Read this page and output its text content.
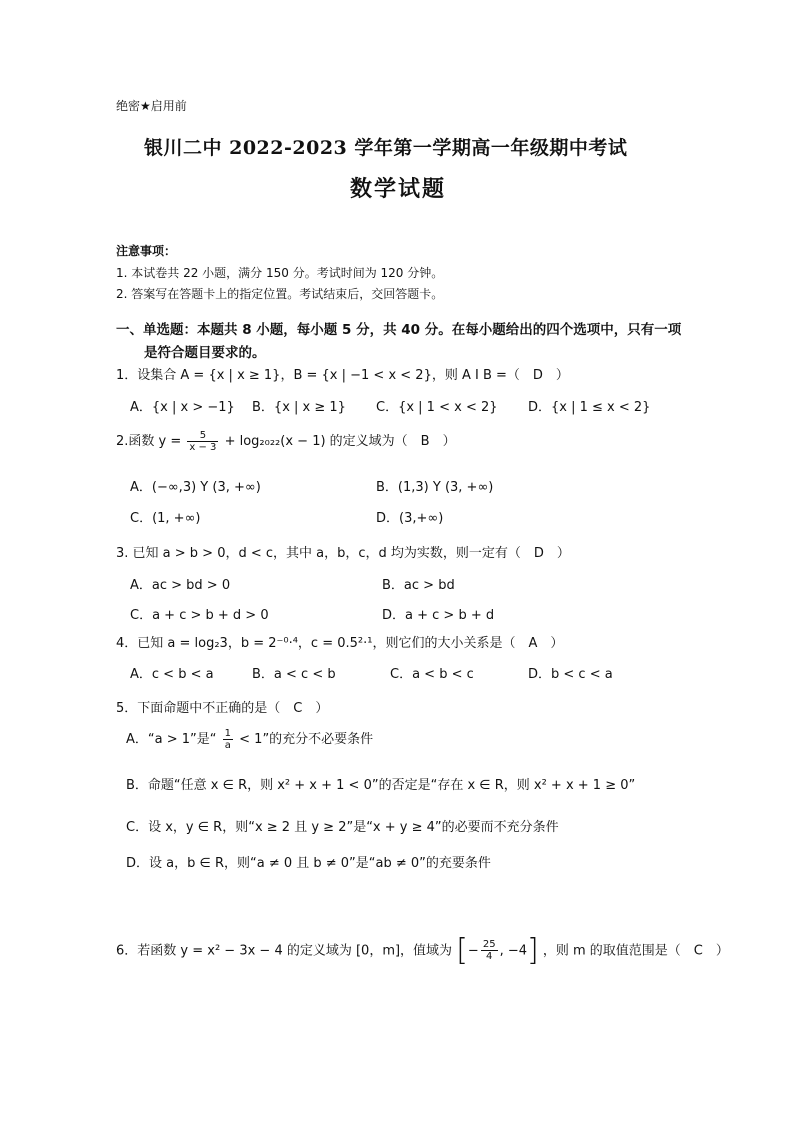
绝密★启用前
银川二中 2022-2023 学年第一学期高一年级期中考试
数学试题
注意事项：
1. 本试卷共 22 小题，满分 150 分。考试时间为 120 分钟。
2. 答案写在答题卡上的指定位置。考试结束后，交回答题卡。
一、单选题：本题共 8 小题，每小题 5 分，共 40 分。在每小题给出的四个选项中，只有一项
是符合题目要求的。
1．设集合 A = {x | x ≥ 1}，B = {x | −1 < x < 2}，则 A I B =（　D　）
A．{x | x > −1} B．{x | x ≥ 1} C．{x | 1 < x < 2} D．{x | 1 ≤ x < 2}
2.函数 $y = \frac{5}{x - 3} + \log_{2022}(x - 1)$ 的定义域为（　B　）
A．(−∞,3) Y (3, +∞)	B．(1,3) Y (3, +∞)
C．(1, +∞)	D．(3,+∞)
3. 已知 a > b > 0，d < c，其中 a，b，c，d 均为实数，则一定有（　D　）
A．ac > bd > 0	B．ac > bd
C．a + c > b + d > 0	D．a + c > b + d
4．已知 a = log₂3，b = 2⁻⁰·⁴，c = 0.5²·¹，则它们的大小关系是（　A　）
A．c < b < a	B．a < c < b	C．a < b < c	D．b < c < a
5．下面命题中不正确的是（　C　）
A．“a > 1”是“ $\frac{1}{a} < 1$”的充分不必要条件
B．命题“任意 x ∈ R，则 x² + x + 1 < 0”的否定是“存在 x ∈ R，则 x² + x + 1 ≥ 0”
C．设 x，y ∈ R，则“x ≥ 2 且 y ≥ 2”是“x + y ≥ 4”的必要而不充分条件
D．设 a，b ∈ R，则“a ≠ 0 且 b ≠ 0”是“ab ≠ 0”的充要条件
6．若函数 y = x² − 3x − 4 的定义域为 [0，m]，值域为 [− $\frac{25}{4}$ , −4] ，则 m 的取值范围是（　C　）
